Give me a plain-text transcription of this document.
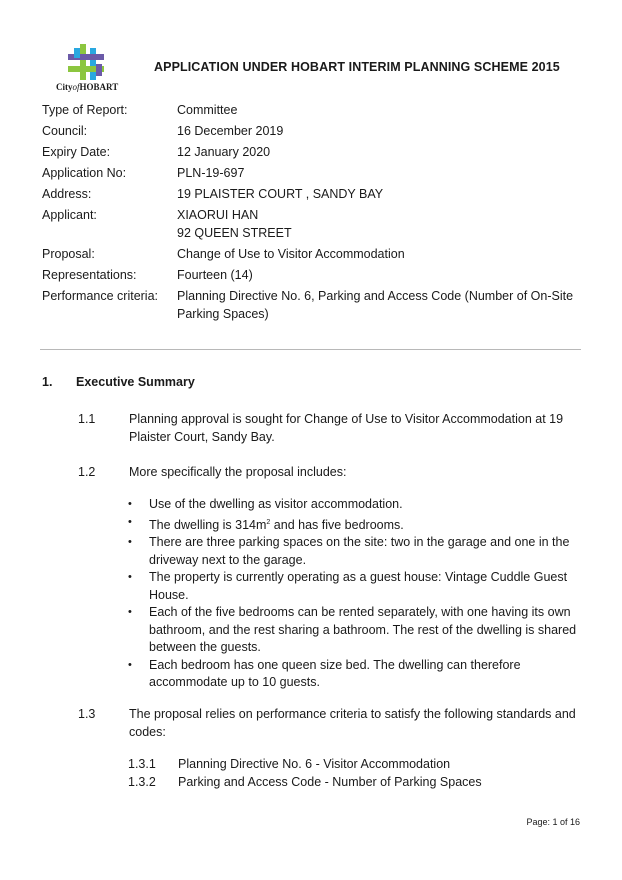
CityofHOBART
APPLICATION UNDER HOBART INTERIM PLANNING SCHEME 2015
Type of Report:	Committee
Council:	16 December 2019
Expiry Date:	12 January 2020
Application No:	PLN-19-697
Address:	19 PLAISTER COURT , SANDY BAY
Applicant:	XIAORUI HAN
92 QUEEN STREET
Proposal:	Change of Use to Visitor Accommodation
Representations:	Fourteen (14)
Performance criteria:	Planning Directive No. 6, Parking and Access Code (Number of On-Site Parking Spaces)
1.	Executive Summary
1.1	Planning approval is sought for Change of Use to Visitor Accommodation at 19 Plaister Court, Sandy Bay.
1.2	More specifically the proposal includes:
•	Use of the dwelling as visitor accommodation.
•	The dwelling is $314m^2$ and has five bedrooms.
•	There are three parking spaces on the site: two in the garage and one in the driveway next to the garage.
•	The property is currently operating as a guest house: Vintage Cuddle Guest House.
•	Each of the five bedrooms can be rented separately, with one having its own bathroom, and the rest sharing a bathroom. The rest of the dwelling is shared between the guests.
•	Each bedroom has one queen size bed. The dwelling can therefore accommodate up to 10 guests.
1.3	The proposal relies on performance criteria to satisfy the following standards and codes:
1.3.1	Planning Directive No. 6 - Visitor Accommodation
1.3.2	Parking and Access Code - Number of Parking Spaces
Page: 1 of 16
